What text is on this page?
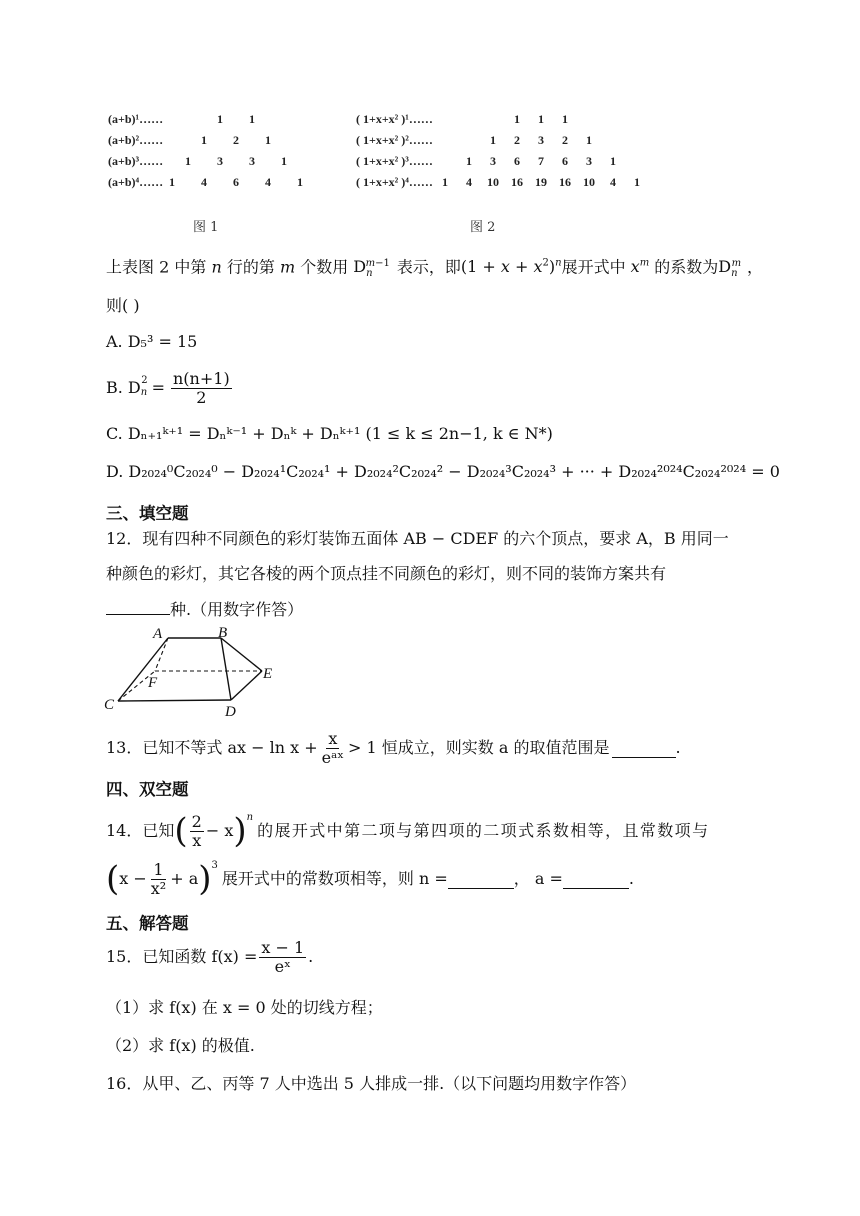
(a+b)¹……	1	1
(a+b)²……	1	2	1
(a+b)³……	1	3	3	1
(a+b)⁴…… 1	4	6	4	1
图 1
( 1+x+x² )¹……	1	1	1
( 1+x+x² )²……	1	2	3	2	1
( 1+x+x² )³……	1	3	6	7	6	3	1
( 1+x+x² )⁴…… 1	4	10	16	19	16	10	4	1
图 2
上表图 2 中第 n 行的第 m 个数用 $D_n^{m-1}$ 表示，即$(1 + x + x^2)^n$展开式中 $x^m$ 的系数为$D_n^m$ ，
则( )
A. D₅³ = 15
B. D $_n$
$2 = \frac{n(n+1)}{2}$
C. Dₙ₊₁ᵏ⁺¹ = Dₙᵏ⁻¹ + Dₙᵏ + Dₙᵏ⁺¹ (1 ≤ k ≤ 2n−1, k ∈ N*)
D. D₂₀₂₄⁰C₂₀₂₄⁰ − D₂₀₂₄¹C₂₀₂₄¹ + D₂₀₂₄²C₂₀₂₄² − D₂₀₂₄³C₂₀₂₄³ + ··· + D₂₀₂₄²⁰²⁴C₂₀₂₄²⁰²⁴ = 0
三、填空题
12．现有四种不同颜色的彩灯装饰五面体 AB − CDEF 的六个顶点，要求 A，B 用同一
种颜色的彩灯，其它各棱的两个顶点挂不同颜色的彩灯，则不同的装饰方案共有
种.（用数字作答）
A	B
C	D
E
F
13．已知不等式 ax − $\ln x + \frac{x}{\text{eᵃˣ}} > 1$ 恒成立，则实数 a 的取值范围是	.
四、双空题
14．已知 ( $\frac{2}{x} - x$ )$^n$
的展开式中第二项与第四项的二项式系数相等，且常数项与
( $x - \frac{1}{\text{x²}} + a$ )$^3$
展开式中的常数项相等，则 n =	， a =	.
五、解答题
15．已知函数 $f(x) = \frac{x - 1}{\text{eˣ}}$ .
（1）求 f(x) 在 x = 0 处的切线方程；
（2）求 f(x) 的极值.
16．从甲、乙、丙等 7 人中选出 5 人排成一排.（以下问题均用数字作答）
